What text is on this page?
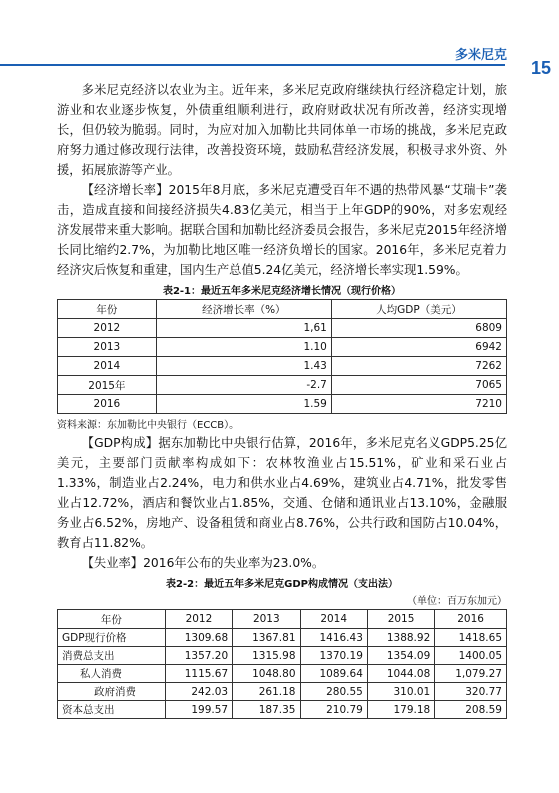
多米尼克
15

多米尼克经济以农业为主。近年来，多米尼克政府继续执行经济稳定计划，旅游业和农业逐步恢复，外债重组顺利进行，政府财政状况有所改善，经济实现增长，但仍较为脆弱。同时，为应对加入加勒比共同体单一市场的挑战，多米尼克政府努力通过修改现行法律，改善投资环境，鼓励私营经济发展，积极寻求外资、外援，拓展旅游等产业。

【经济增长率】2015年8月底，多米尼克遭受百年不遇的热带风暴“艾瑞卡”袭击，造成直接和间接经济损失4.83亿美元，相当于上年GDP的90%，对多宏观经济发展带来重大影响。据联合国和加勒比经济委员会报告，多米尼克2015年经济增长同比缩约2.7%，为加勒比地区唯一经济负增长的国家。2016年，多米尼克着力经济灾后恢复和重建，国内生产总值5.24亿美元，经济增长率实现1.59%。

表2-1：最近五年多米尼克经济增长情况（现行价格）
年份	经济增长率（%）	人均GDP（美元）
2012	1,61	6809
2013	1.10	6942
2014	1.43	7262
2015年	-2.7	7065
2016	1.59	7210
资料来源：东加勒比中央银行（ECCB）。

【GDP构成】据东加勒比中央银行估算，2016年，多米尼克名义GDP5.25亿美元，主要部门贡献率构成如下：农林牧渔业占15.51%，矿业和采石业占1.33%，制造业占2.24%，电力和供水业占4.69%，建筑业占4.71%，批发零售业占12.72%，酒店和餐饮业占1.85%，交通、仓储和通讯业占13.10%，金融服务业占6.52%，房地产、设备租赁和商业占8.76%，公共行政和国防占10.04%，教育占11.82%。

【失业率】2016年公布的失业率为23.0%。

表2-2：最近五年多米尼克GDP构成情况（支出法）
（单位：百万东加元）
年份	2012	2013	2014	2015	2016
GDP现行价格	1309.68	1367.81	1416.43	1388.92	1418.65
消费总支出	1357.20	1315.98	1370.19	1354.09	1400.05
私人消费	1115.67	1048.80	1089.64	1044.08	1,079.27
政府消费	242.03	261.18	280.55	310.01	320.77
资本总支出	199.57	187.35	210.79	179.18	208.59
